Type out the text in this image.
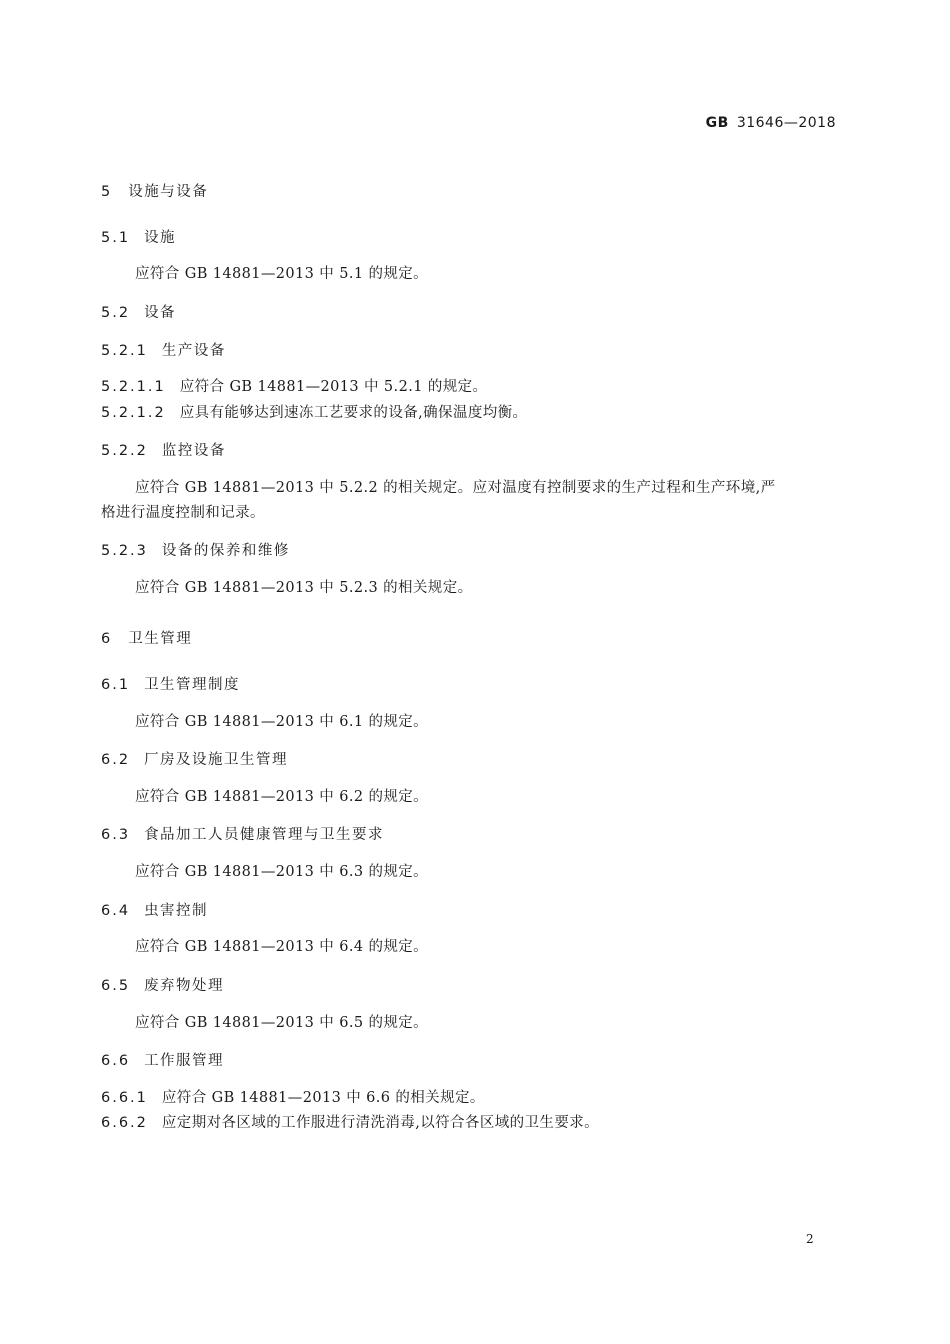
GB 31646—2018
5 设施与设备
5.1 设施
应符合 GB 14881—2013 中 5.1 的规定。
5.2 设备
5.2.1 生产设备
5.2.1.1 应符合 GB 14881—2013 中 5.2.1 的规定。
5.2.1.2 应具有能够达到速冻工艺要求的设备,确保温度均衡。
5.2.2 监控设备
应符合 GB 14881—2013 中 5.2.2 的相关规定。应对温度有控制要求的生产过程和生产环境,严
格进行温度控制和记录。
5.2.3 设备的保养和维修
应符合 GB 14881—2013 中 5.2.3 的相关规定。
6 卫生管理
6.1 卫生管理制度
应符合 GB 14881—2013 中 6.1 的规定。
6.2 厂房及设施卫生管理
应符合 GB 14881—2013 中 6.2 的规定。
6.3 食品加工人员健康管理与卫生要求
应符合 GB 14881—2013 中 6.3 的规定。
6.4 虫害控制
应符合 GB 14881—2013 中 6.4 的规定。
6.5 废弃物处理
应符合 GB 14881—2013 中 6.5 的规定。
6.6 工作服管理
6.6.1 应符合 GB 14881—2013 中 6.6 的相关规定。
6.6.2 应定期对各区域的工作服进行清洗消毒,以符合各区域的卫生要求。
2
